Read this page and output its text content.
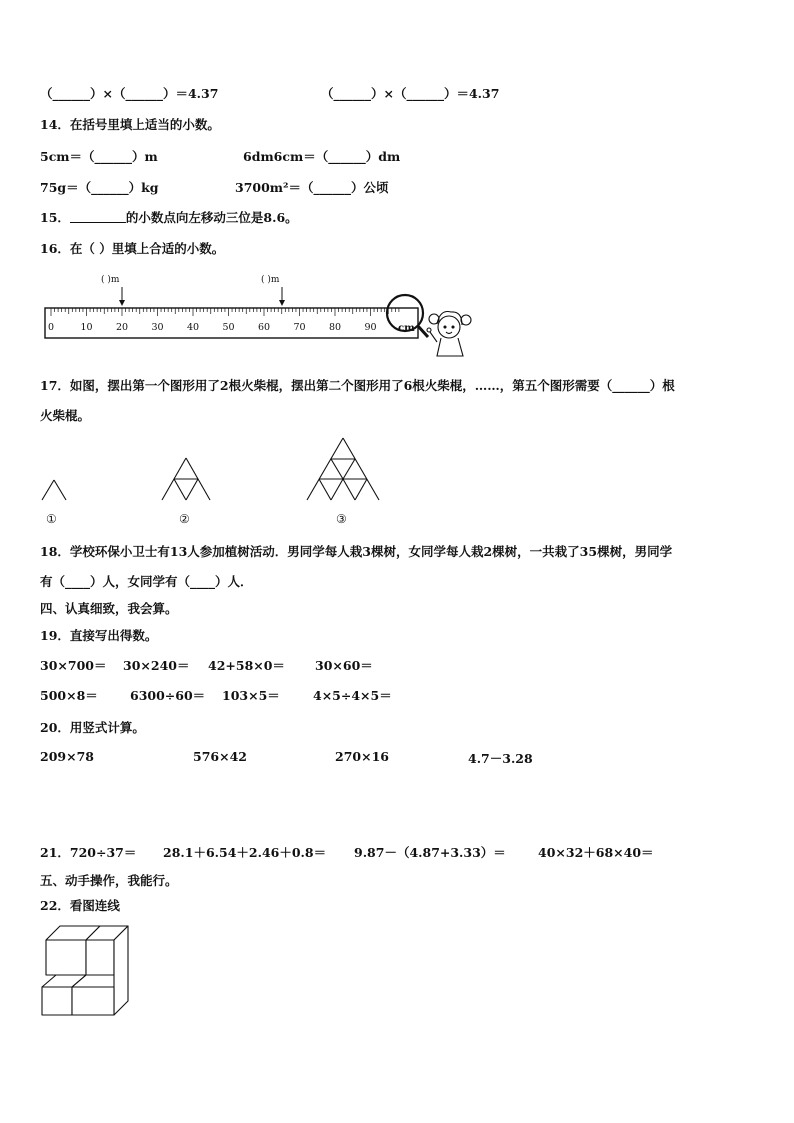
（______）×（______）＝4.37	（______）×（______）＝4.37
14．在括号里填上适当的小数。
5cm＝（______）m	6dm6cm＝（______）dm
75g＝（______）kg	3700m²＝（______）公顷
15．	的小数点向左移动三位是8.6。
16．在（ ）里填上合适的小数。
( )m	( )m
0	10 20 30 40 50 60 70 80 90 cm
17．如图，摆出第一个图形用了2根火柴棍，摆出第二个图形用了6根火柴棍，……，第五个图形需要（______）根
火柴棍。
①	②	③
18．学校环保小卫士有13人参加植树活动．男同学每人栽3棵树，女同学每人栽2棵树，一共栽了35棵树，男同学
有（____）人，女同学有（____）人．
四、认真细致，我会算。
19．直接写出得数。
30×700＝ 30×240＝ 42+58×0＝ 30×60＝
500×8＝	6300÷60＝ 103×5＝	4×5÷4×5＝
20．用竖式计算。
209×78	576×42	270×16	4.7－3.28
21．720÷37＝ 28.1＋6.54＋2.46＋0.8＝ 9.87－（4.87+3.33）＝	40×32＋68×40＝
五、动手操作，我能行。
22．看图连线
